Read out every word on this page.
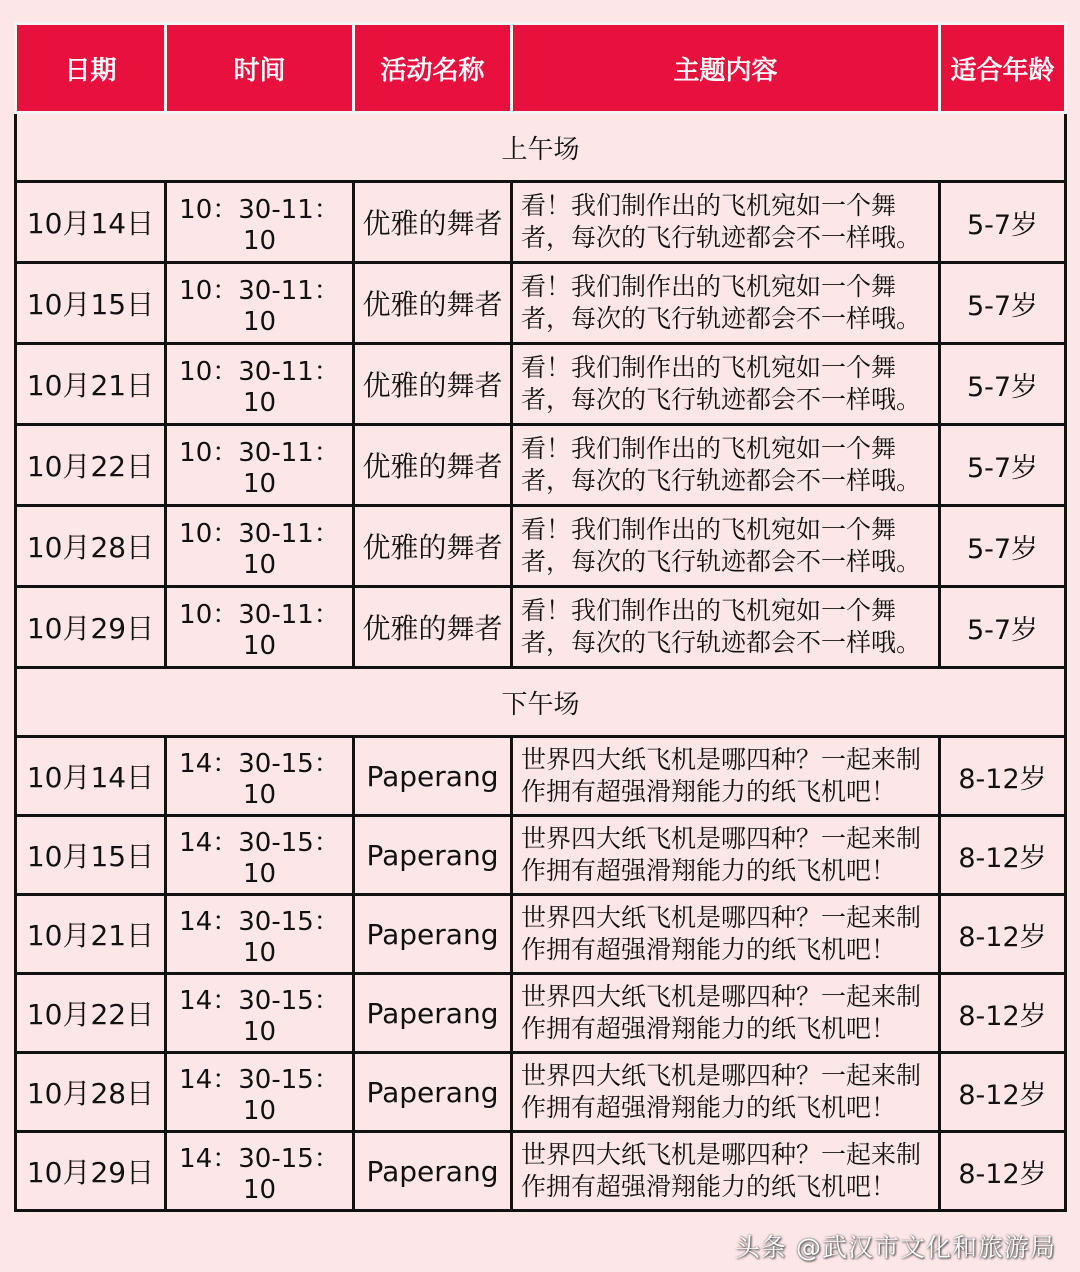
日期	时间	活动名称	主题内容	适合年龄
上午场				
10月14日	10：30-11：10	优雅的舞者	看！我们制作出的飞机宛如一个舞者，每次的飞行轨迹都会不一样哦。	5-7岁
10月15日	10：30-11：10	优雅的舞者	看！我们制作出的飞机宛如一个舞者，每次的飞行轨迹都会不一样哦。	5-7岁
10月21日	10：30-11：10	优雅的舞者	看！我们制作出的飞机宛如一个舞者，每次的飞行轨迹都会不一样哦。	5-7岁
10月22日	10：30-11：10	优雅的舞者	看！我们制作出的飞机宛如一个舞者，每次的飞行轨迹都会不一样哦。	5-7岁
10月28日	10：30-11：10	优雅的舞者	看！我们制作出的飞机宛如一个舞者，每次的飞行轨迹都会不一样哦。	5-7岁
10月29日	10：30-11：10	优雅的舞者	看！我们制作出的飞机宛如一个舞者，每次的飞行轨迹都会不一样哦。	5-7岁
下午场				
10月14日	14：30-15：10	Paperang	世界四大纸飞机是哪四种？一起来制作拥有超强滑翔能力的纸飞机吧！	8-12岁
10月15日	14：30-15：10	Paperang	世界四大纸飞机是哪四种？一起来制作拥有超强滑翔能力的纸飞机吧！	8-12岁
10月21日	14：30-15：10	Paperang	世界四大纸飞机是哪四种？一起来制作拥有超强滑翔能力的纸飞机吧！	8-12岁
10月22日	14：30-15：10	Paperang	世界四大纸飞机是哪四种？一起来制作拥有超强滑翔能力的纸飞机吧！	8-12岁
10月28日	14：30-15：10	Paperang	世界四大纸飞机是哪四种？一起来制作拥有超强滑翔能力的纸飞机吧！	8-12岁
10月29日	14：30-15：10	Paperang	世界四大纸飞机是哪四种？一起来制作拥有超强滑翔能力的纸飞机吧！	8-12岁
头条 @武汉市文化和旅游局
